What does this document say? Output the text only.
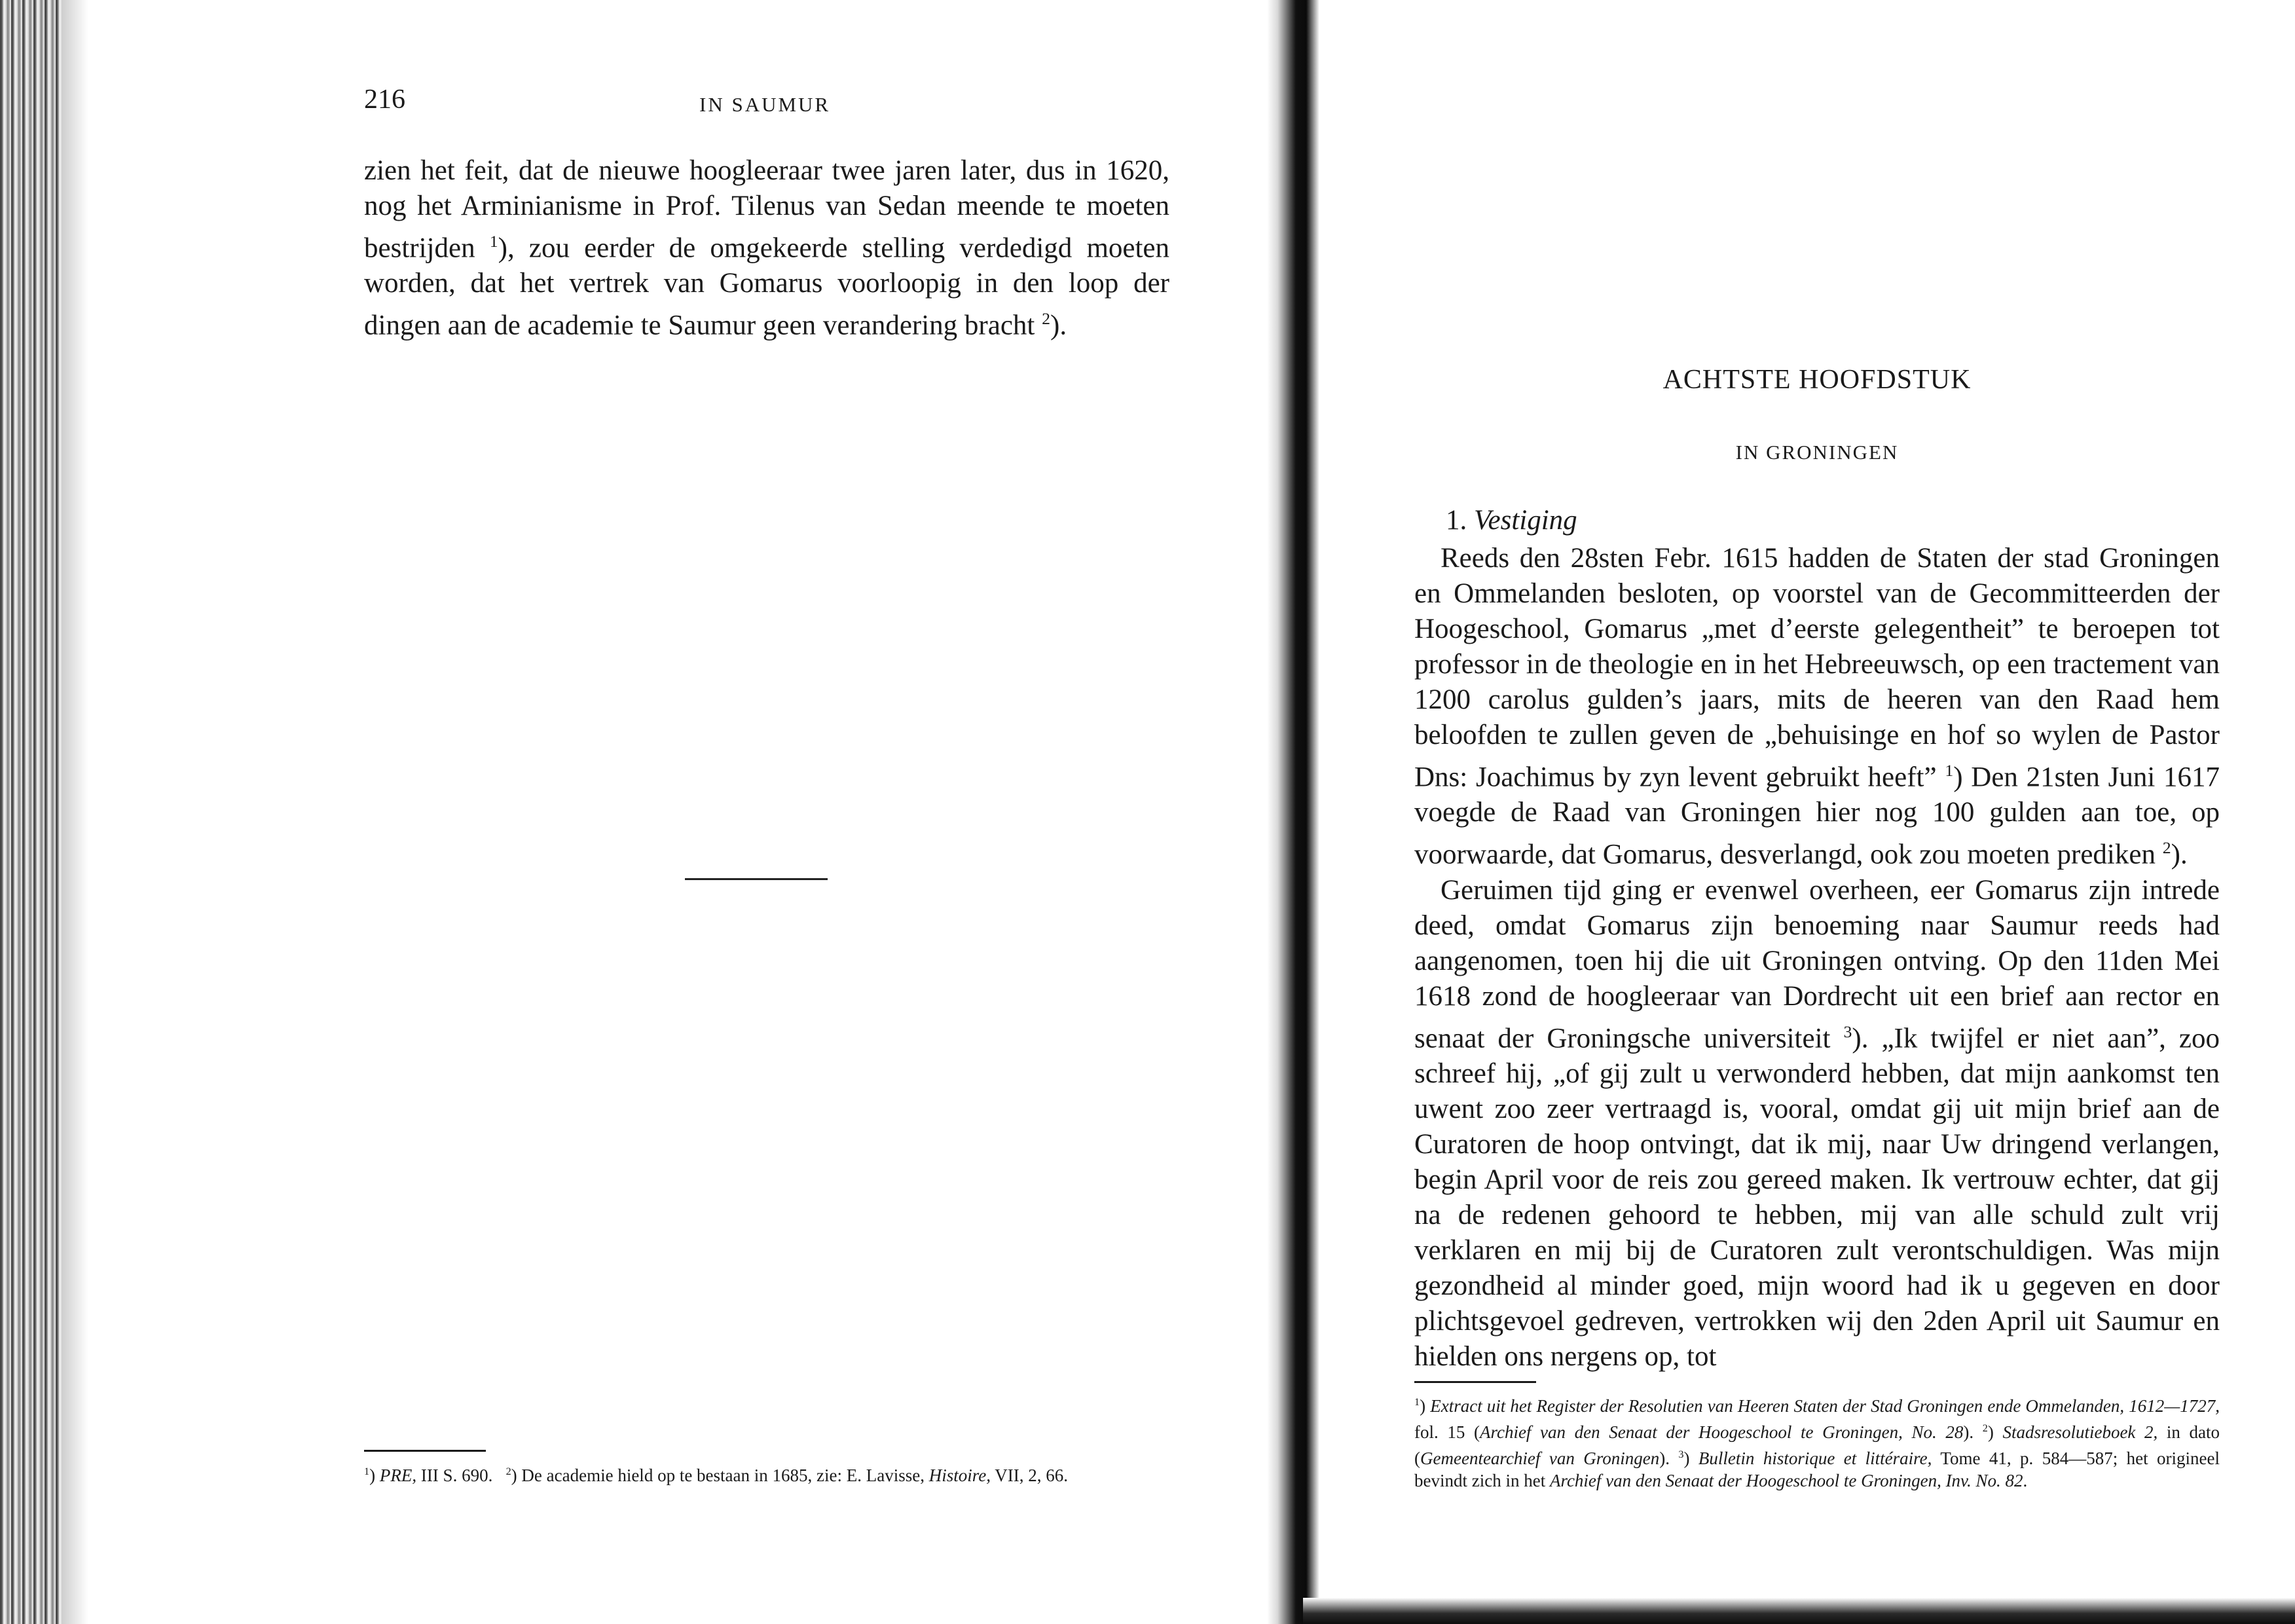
216	IN SAUMUR

zien het feit, dat de nieuwe hoogleeraar twee jaren later, dus in 1620, nog het Arminianisme in Prof. Tilenus van Sedan meende te moeten bestrijden $^1$), zou eerder de omgekeerde stelling verdedigd moeten worden, dat het vertrek van Gomarus voorloopig in den loop der dingen aan de academie te Saumur geen verandering bracht $^2$).

$^1$) PRE, III S. 690. $^2$) De academie hield op te bestaan in 1685, zie: E. Lavisse, Histoire, VII, 2, 66.

ACHTSTE HOOFDSTUK
IN GRONINGEN
1. Vestiging

Reeds den 28sten Febr. 1615 hadden de Staten der stad Groningen en Ommelanden besloten, op voorstel van de Gecommitteerden der Hoogeschool, Gomarus „met d’eerste gelegentheit” te beroepen tot professor in de theologie en in het Hebreeuwsch, op een tractement van 1200 carolus gulden’s jaars, mits de heeren van den Raad hem beloofden te zullen geven de „behuisinge en hof so wylen de Pastor Dns: Joachimus by zyn levent gebruikt heeft” $^1$) Den 21sten Juni 1617 voegde de Raad van Groningen hier nog 100 gulden aan toe, op voorwaarde, dat Gomarus, desverlangd, ook zou moeten prediken $^2$).

Geruimen tijd ging er evenwel overheen, eer Gomarus zijn intrede deed, omdat Gomarus zijn benoeming naar Saumur reeds had aangenomen, toen hij die uit Groningen ontving. Op den 11den Mei 1618 zond de hoogleeraar van Dordrecht uit een brief aan rector en senaat der Groningsche universiteit $^3$). „Ik twijfel er niet aan”, zoo schreef hij, „of gij zult u verwonderd hebben, dat mijn aankomst ten uwent zoo zeer vertraagd is, vooral, omdat gij uit mijn brief aan de Curatoren de hoop ontvingt, dat ik mij, naar Uw dringend verlangen, begin April voor de reis zou gereed maken. Ik vertrouw echter, dat gij na de redenen gehoord te hebben, mij van alle schuld zult vrij verklaren en mij bij de Curatoren zult verontschuldigen. Was mijn gezondheid al minder goed, mijn woord had ik u gegeven en door plichtsgevoel gedreven, vertrokken wij den 2den April uit Saumur en hielden ons nergens op, tot

$^1$) Extract uit het Register der Resolutien van Heeren Staten der Stad Groningen ende Ommelanden, 1612—1727, fol. 15 (Archief van den Senaat der Hoogeschool te Groningen, No. 28). $^2$) Stadsresolutieboek 2, in dato (Gemeentearchief van Groningen). $^3$) Bulletin historique et littéraire, Tome 41, p. 584—587; het origineel bevindt zich in het Archief van den Senaat der Hoogeschool te Groningen, Inv. No. 82.
